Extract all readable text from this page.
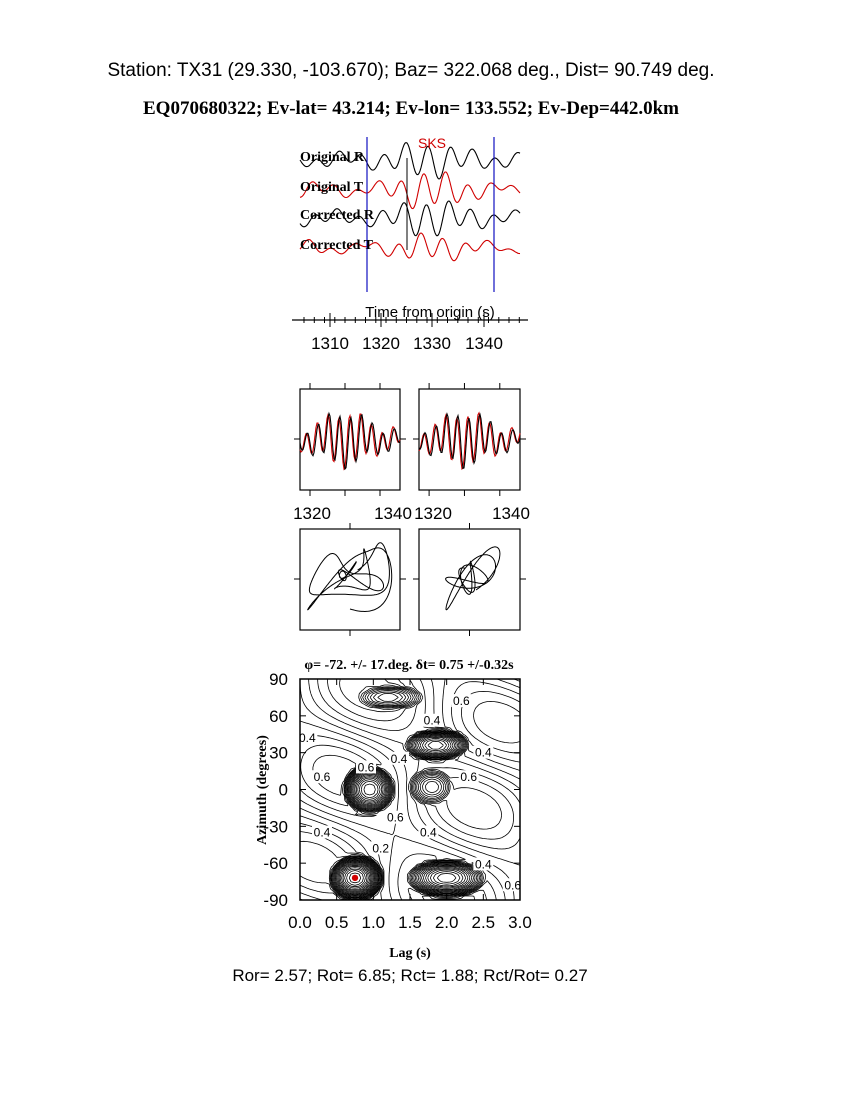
Station: TX31 (29.330, -103.670); Baz= 322.068 deg., Dist= 90.749 deg.
EQ070680322; Ev-lat= 43.214; Ev-lon= 133.552; Ev-Dep=442.0km
SKS
Original R
Original T
Corrected R
Corrected T
Time from origin (s)
1310 1320 1330 1340
1320	1340 1320 1340
φ= -72. +/- 17.deg. δt= 0.75 +/-0.32s
0.6
0.4
0.4
0.4
0.4
0.6
0.6	0.6
0.6
0.4	0.4
0.2
0.4
0.6
0.0 0.5 1.0 1.5 2.0 2.5 3.0
90
60
30
0
-30
-60
-90
Lag (s)
Azimuth (degrees)
Ror= 2.57; Rot= 6.85; Rct= 1.88; Rct/Rot= 0.27
